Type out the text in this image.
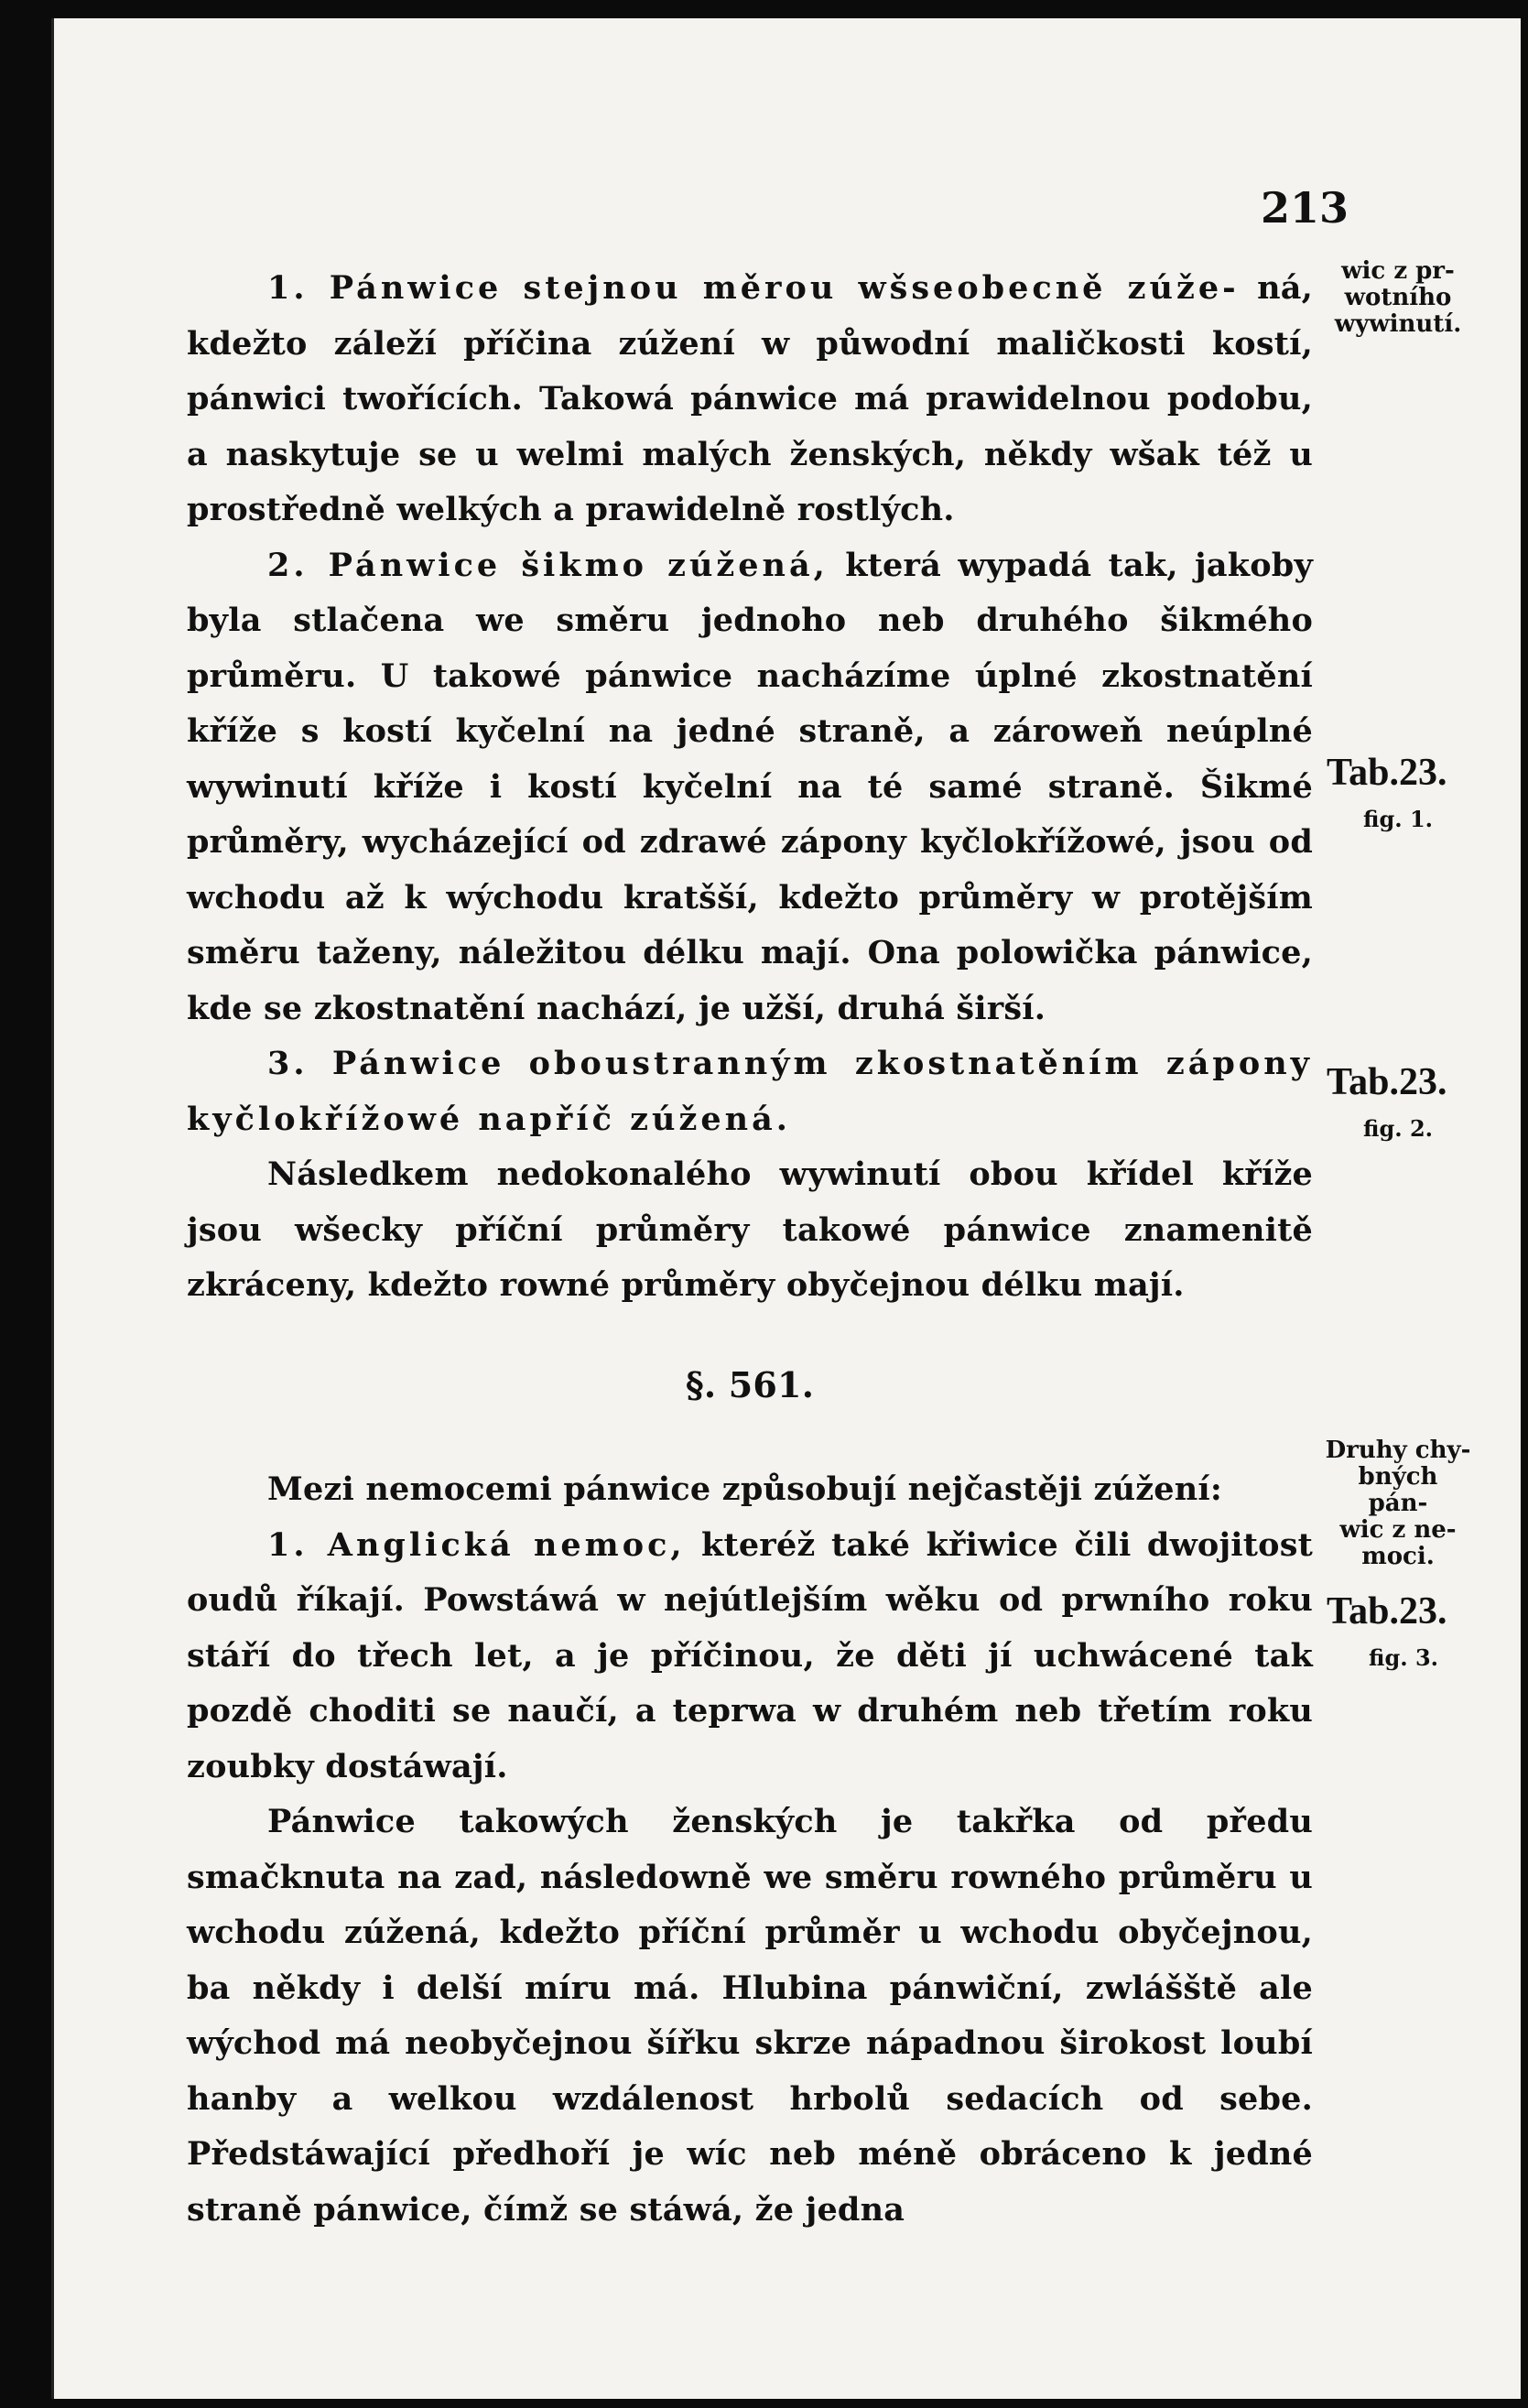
213
wic z pr-
wotního
wywinutí.
Tab.23.
fig. 1.
Tab.23.
fig. 2.
Druhy chy-
bných pán-
wic z ne-
moci.
Tab.23.
fig. 3.

1. Pánwice stejnou měrou wšseobecně zúže- ná, kdežto záleží příčina zúžení w půwodní maličkosti kostí, pánwici twořících. Takowá pánwice má prawidelnou podobu, a naskytuje se u welmi malých ženských, někdy wšak též u prostředně welkých a prawidelně rostlých.

2. Pánwice šikmo zúžená, která wypadá tak, jakoby byla stlačena we směru jednoho neb druhého šikmého průměru. U takowé pánwice nacházíme úplné zkostnatění kříže s kostí kyčelní na jedné straně, a zároweň neúplné wywinutí kříže i kostí kyčelní na té samé straně. Šikmé průměry, wycházející od zdrawé zápony kyčlokřížowé, jsou od wchodu až k wýchodu kratšší, kdežto průměry w protějším směru taženy, náležitou délku mají. Ona polowička pánwice, kde se zkostnatění nachází, je užší, druhá širší.

3. Pánwice oboustranným zkostnatěním zápony kyčlokřížowé napříč zúžená.

Následkem nedokonalého wywinutí obou křídel kříže jsou wšecky příční průměry takowé pánwice znamenitě zkráceny, kdežto rowné průměry obyčejnou délku mají.

§. 561.

Mezi nemocemi pánwice způsobují nejčastěji zúžení:

1. Anglická nemoc, kteréž také křiwice čili dwojitost oudů říkají. Powstáwá w nejútlejším wěku od prwního roku stáří do třech let, a je příčinou, že děti jí uchwácené tak pozdě choditi se naučí, a teprwa w druhém neb třetím roku zoubky dostáwají.

Pánwice takowých ženských je takřka od předu smačknuta na zad, následowně we směru rowného průměru u wchodu zúžená, kdežto příční průměr u wchodu obyčejnou, ba někdy i delší míru má. Hlubina pánwiční, zwlášště ale wýchod má neobyčejnou šířku skrze nápadnou širokost loubí hanby a welkou wzdálenost hrbolů sedacích od sebe. Předstáwající předhoří je wíc neb méně obráceno k jedné straně pánwice, čímž se stáwá, že jedna
